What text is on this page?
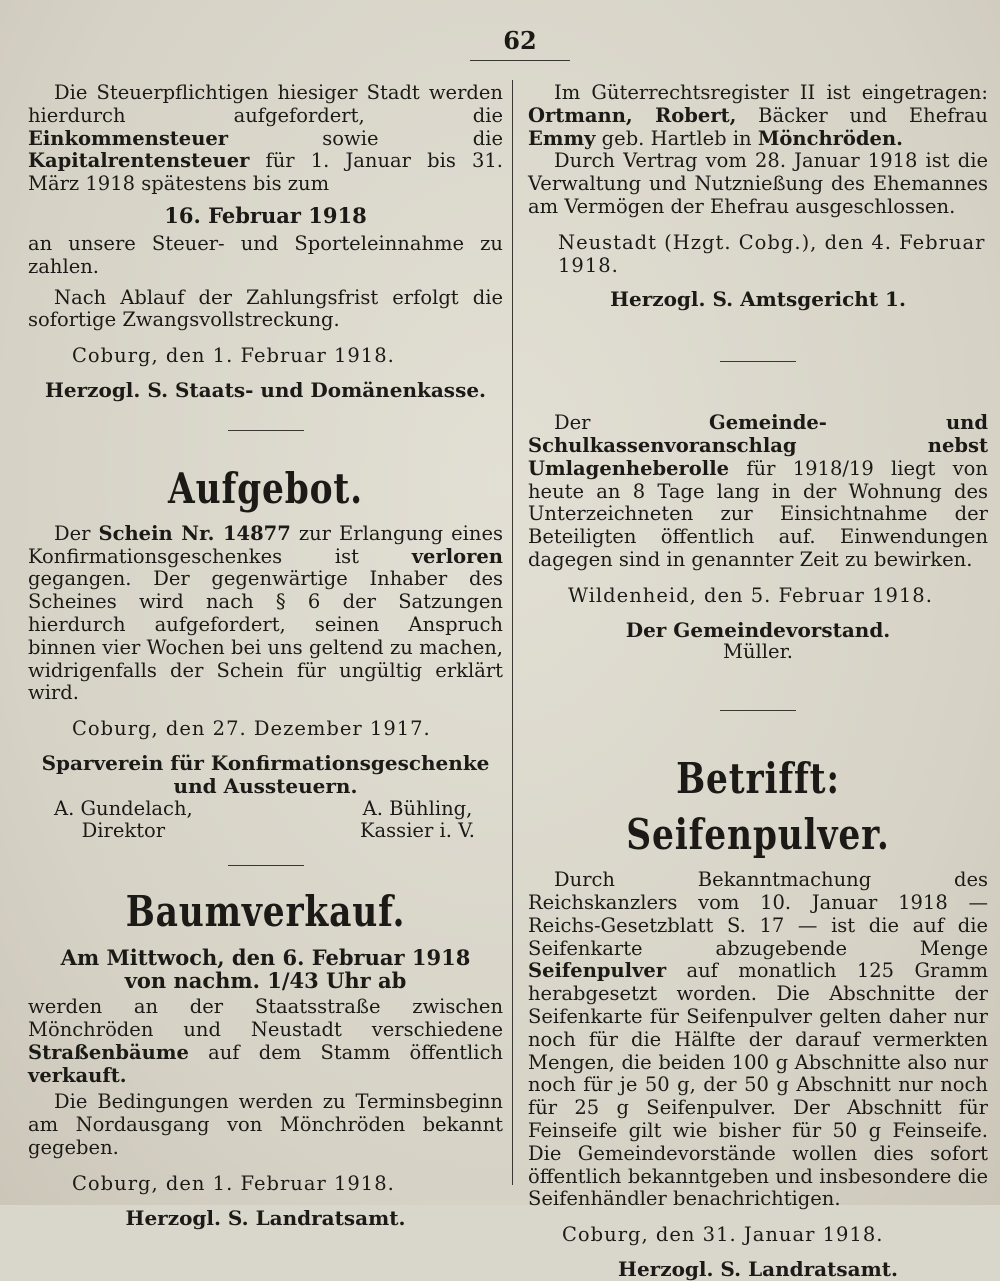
62

Die Steuerpflichtigen hiesiger Stadt werden hierdurch aufgefordert, die Einkommensteuer sowie die Kapitalrentensteuer für 1. Januar bis 31. März 1918 spätestens bis zum

16. Februar 1918

an unsere Steuer- und Sporteleinnahme zu zahlen.

Nach Ablauf der Zahlungsfrist erfolgt die sofortige Zwangsvollstreckung.

Coburg, den 1. Februar 1918.
Herzogl. S. Staats- und Domänenkasse.
Aufgebot.

Der Schein Nr. 14877 zur Erlangung eines Konfirmationsgeschenkes ist verloren gegangen. Der gegenwärtige Inhaber des Scheines wird nach § 6 der Satzungen hierdurch aufgefordert, seinen Anspruch binnen vier Wochen bei uns geltend zu machen, widrigenfalls der Schein für ungültig erklärt wird.

Coburg, den 27. Dezember 1917.
Sparverein für Konfirmationsgeschenke
und Aussteuern.
A. Gundelach,
Direktor
A. Bühling,
Kassier i. V.
Baumverkauf.
Am Mittwoch, den 6. Februar 1918
von nachm. 1/43 Uhr ab

werden an der Staatsstraße zwischen Mönchröden und Neustadt verschiedene Straßenbäume auf dem Stamm öffentlich verkauft.

Die Bedingungen werden zu Terminsbeginn am Nordausgang von Mönchröden bekannt gegeben.

Coburg, den 1. Februar 1918.
Herzogl. S. Landratsamt.

Im Güterrechtsregister II ist eingetragen: Ortmann, Robert, Bäcker und Ehefrau Emmy geb. Hartleb in Mönchröden.

Durch Vertrag vom 28. Januar 1918 ist die Verwaltung und Nutznießung des Ehemannes am Vermögen der Ehefrau ausgeschlossen.

Neustadt (Hzgt. Cobg.), den 4. Februar 1918.
Herzogl. S. Amtsgericht 1.

Der Gemeinde- und Schulkassenvoranschlag nebst Umlagenheberolle für 1918/19 liegt von heute an 8 Tage lang in der Wohnung des Unterzeichneten zur Einsichtnahme der Beteiligten öffentlich auf. Einwendungen dagegen sind in genannter Zeit zu bewirken.

Wildenheid, den 5. Februar 1918.
Der Gemeindevorstand.
Müller.
Betrifft: Seifenpulver.

Durch Bekanntmachung des Reichskanzlers vom 10. Januar 1918 — Reichs-Gesetzblatt S. 17 — ist die auf die Seifenkarte abzugebende Menge Seifenpulver auf monatlich 125 Gramm herabgesetzt worden. Die Abschnitte der Seifenkarte für Seifenpulver gelten daher nur noch für die Hälfte der darauf vermerkten Mengen, die beiden 100 g Abschnitte also nur noch für je 50 g, der 50 g Abschnitt nur noch für 25 g Seifenpulver. Der Abschnitt für Feinseife gilt wie bisher für 50 g Feinseife. Die Gemeindevorstände wollen dies sofort öffentlich bekanntgeben und insbesondere die Seifenhändler benachrichtigen.

Coburg, den 31. Januar 1918.
Herzogl. S. Landratsamt.
